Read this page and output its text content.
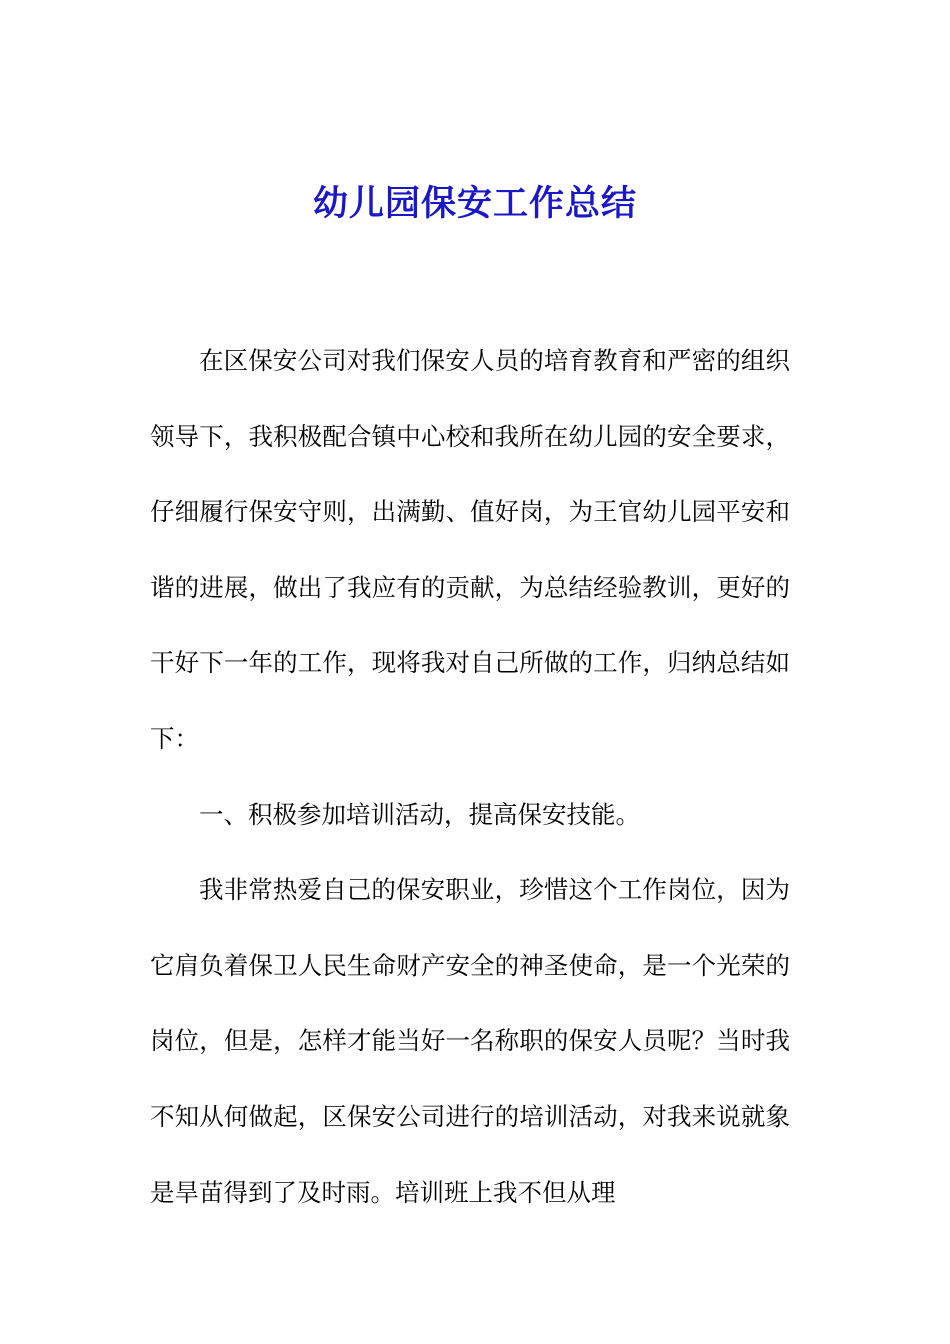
幼儿园保安工作总结

在区保安公司对我们保安人员的培育教育和严密的组织领导下，我积极配合镇中心校和我所在幼儿园的安全要求，仔细履行保安守则，出满勤、值好岗，为王官幼儿园平安和谐的进展，做出了我应有的贡献，为总结经验教训，更好的干好下一年的工作，现将我对自己所做的工作，归纳总结如下：

一、积极参加培训活动，提高保安技能。

我非常热爱自己的保安职业，珍惜这个工作岗位，因为它肩负着保卫人民生命财产安全的神圣使命，是一个光荣的岗位，但是，怎样才能当好一名称职的保安人员呢？当时我不知从何做起，区保安公司进行的培训活动，对我来说就象是旱苗得到了及时雨。培训班上我不但从理
